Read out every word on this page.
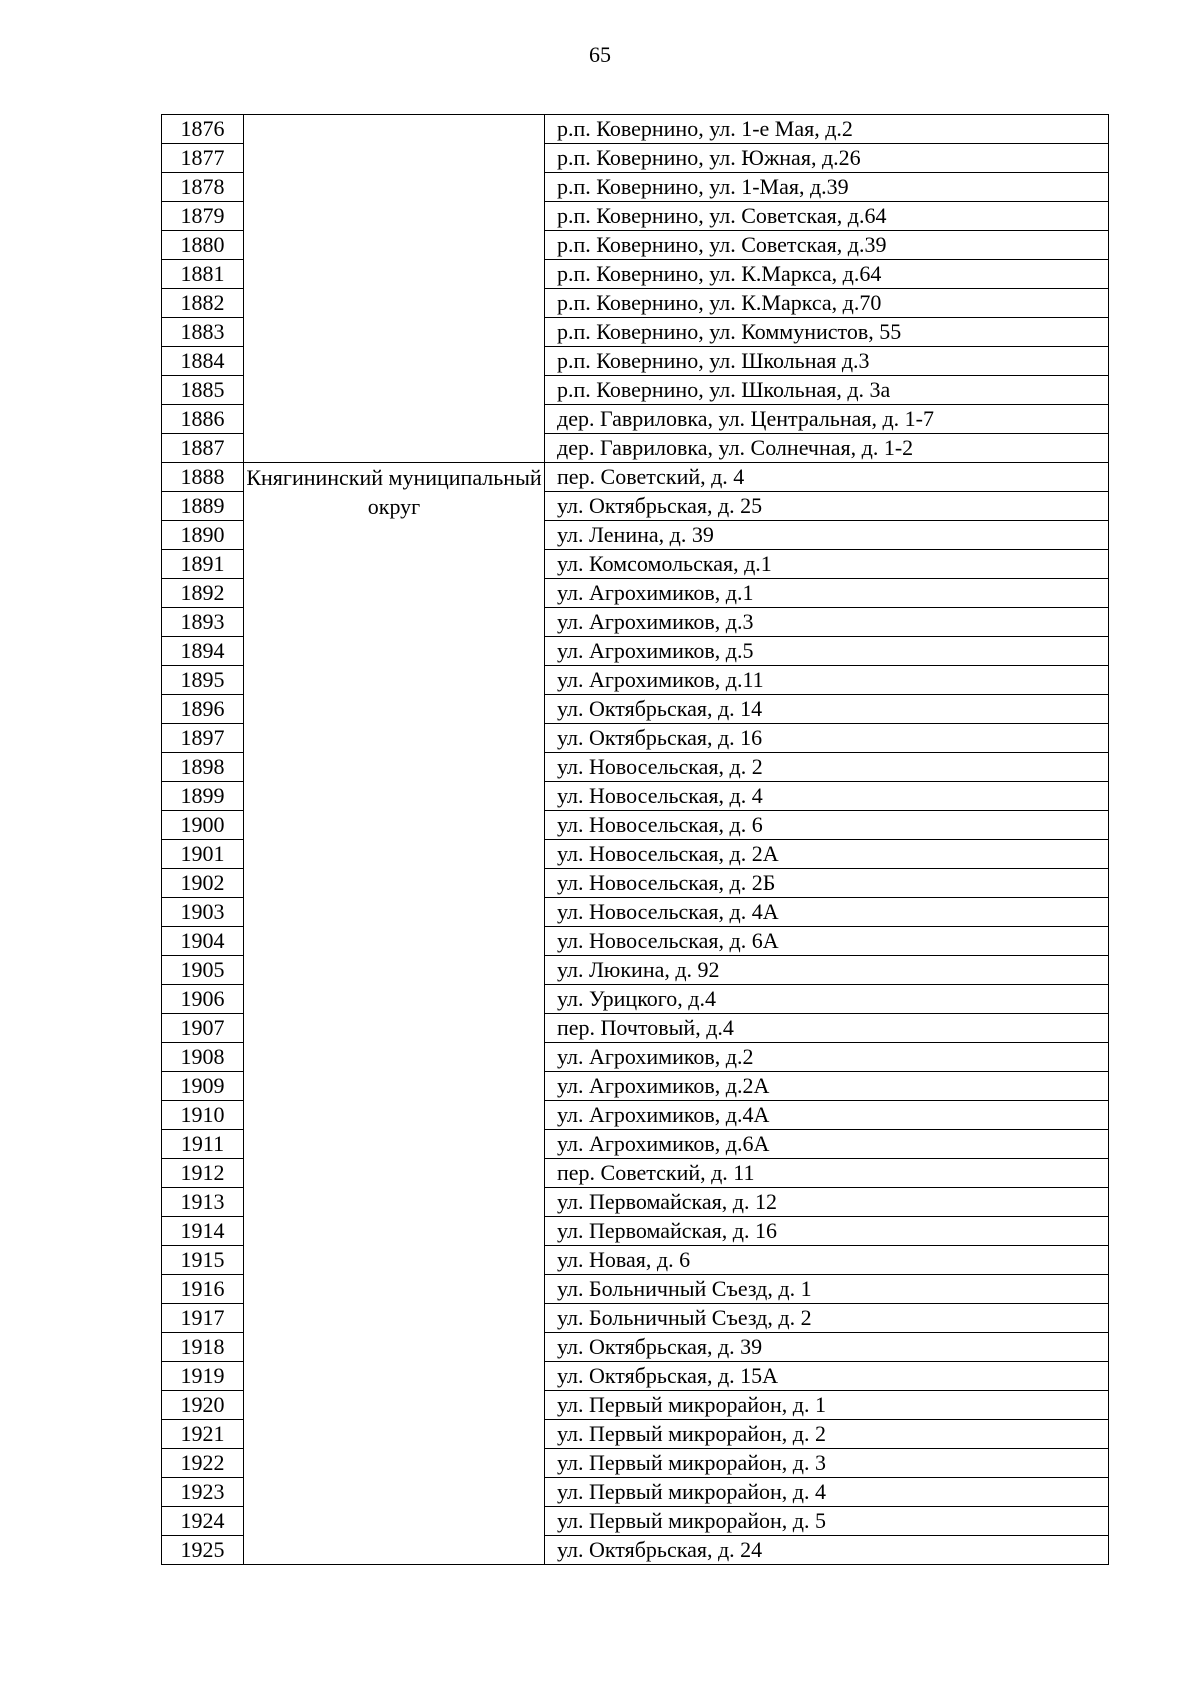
65
1876		р.п. Ковернино, ул. 1-е Мая, д.2
1877		р.п. Ковернино, ул. Южная, д.26
1878		р.п. Ковернино, ул. 1-Мая, д.39
1879		р.п. Ковернино, ул. Советская, д.64
1880		р.п. Ковернино, ул. Советская, д.39
1881		р.п. Ковернино, ул. К.Маркса, д.64
1882		р.п. Ковернино, ул. К.Маркса, д.70
1883		р.п. Ковернино, ул. Коммунистов, 55
1884		р.п. Ковернино, ул. Школьная д.3
1885		р.п. Ковернино, ул. Школьная, д. 3а
1886		дер. Гавриловка, ул. Центральная, д. 1-7
1887		дер. Гавриловка, ул. Солнечная, д. 1-2
1888	Княгининский муниципальный округ	пер. Советский, д. 4
1889		ул. Октябрьская, д. 25
1890		ул. Ленина, д. 39
1891		ул. Комсомольская, д.1
1892		ул. Агрохимиков, д.1
1893		ул. Агрохимиков, д.3
1894		ул. Агрохимиков, д.5
1895		ул. Агрохимиков, д.11
1896		ул. Октябрьская, д. 14
1897		ул. Октябрьская, д. 16
1898		ул. Новосельская, д. 2
1899		ул. Новосельская, д. 4
1900		ул. Новосельская, д. 6
1901		ул. Новосельская, д. 2А
1902		ул. Новосельская, д. 2Б
1903		ул. Новосельская, д. 4А
1904		ул. Новосельская, д. 6А
1905		ул. Люкина, д. 92
1906		ул. Урицкого, д.4
1907		пер. Почтовый, д.4
1908		ул. Агрохимиков, д.2
1909		ул. Агрохимиков, д.2А
1910		ул. Агрохимиков, д.4А
1911		ул. Агрохимиков, д.6А
1912		пер. Советский, д. 11
1913		ул. Первомайская, д. 12
1914		ул. Первомайская, д. 16
1915		ул. Новая, д. 6
1916		ул. Больничный Съезд, д. 1
1917		ул. Больничный Съезд, д. 2
1918		ул. Октябрьская, д. 39
1919		ул. Октябрьская, д. 15А
1920		ул. Первый микрорайон, д. 1
1921		ул. Первый микрорайон, д. 2
1922		ул. Первый микрорайон, д. 3
1923		ул. Первый микрорайон, д. 4
1924		ул. Первый микрорайон, д. 5
1925		ул. Октябрьская, д. 24
